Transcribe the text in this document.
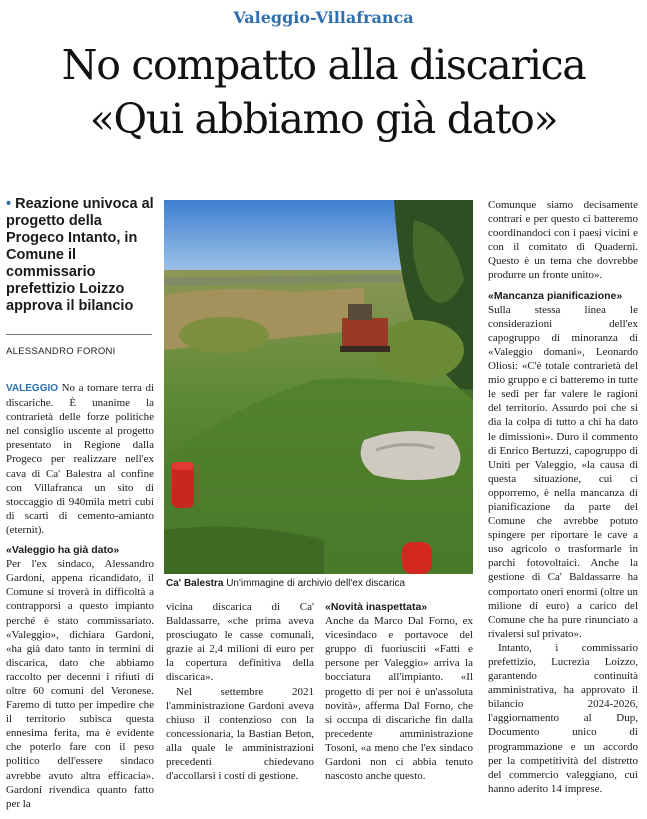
Valeggio-Villafranca
No compatto alla discarica
«Qui abbiamo già dato»
• Reazione univoca al progetto della Progeco Intanto, in Comune il commissario prefettizio Loizzo approva il bilancio
ALESSANDRO FORONI
Ca' Balestra Un'immagine di archivio dell'ex discarica

VALEGGIO No a tornare terra di discariche. È unanime la contrarietà delle forze politiche nel consiglio uscente al progetto presentato in Regione dalla Progeco per realizzare nell'ex cava di Ca' Balestra al confine con Villafranca un sito di stoccaggio di 940mila metri cubi di scarti di cemento-amianto (eternit).

«Valeggio ha già dato»

Per l'ex sindaco, Alessandro Gardoni, appena ricandidato, il Comune si troverà in difficoltà a contrapporsi a questo impianto perché è stato commissariato. «Valeggio», dichiara Gardoni, «ha già dato tanto in termini di discarica, dato che abbiamo raccolto per decenni i rifiuti di oltre 60 comuni del Veronese. Faremo di tutto per impedire che il territorio subisca questa ennesima ferita, ma è evidente che poterlo fare con il peso politico dell'essere sindaco avrebbe avuto altra efficacia». Gardoni rivendica quanto fatto per la

vicina discarica di Ca' Baldassarre, «che prima aveva prosciugato le casse comunali, grazie ai 2,4 milioni di euro per la copertura definitiva della discarica».

Nel settembre 2021 l'amministrazione Gardoni aveva chiuso il contenzioso con la concessionaria, la Bastian Beton, alla quale le amministrazioni precedenti chiedevano d'accollarsi i costi di gestione.

«Novità inaspettata»

Anche da Marco Dal Forno, ex vicesindaco e portavoce del gruppo di fuoriusciti «Fatti e persone per Valeggio» arriva la bocciatura all'impianto. «Il progetto di per noi è un'assoluta novità», afferma Dal Forno, che si occupa di discariche fin dalla precedente amministrazione Tosoni, «a meno che l'ex sindaco Gardoni non ci abbia tenuto nascosto anche questo.

Comunque siamo decisamente contrari e per questo ci batteremo coordinandoci con i paesi vicini e con il comitato di Quaderni. Questo è un tema che dovrebbe produrre un fronte unito».

«Mancanza pianificazione»

Sulla stessa linea le considerazioni dell'ex capogruppo di minoranza di «Valeggio domani», Leonardo Oliosi: «C'è totale contrarietà del mio gruppo e ci batteremo in tutte le sedi per far valere le ragioni del territorio. Assurdo poi che si dia la colpa di tutto a chi ha dato le dimissioni». Duro il commento di Enrico Bertuzzi, capogruppo di Uniti per Valeggio, «la causa di questa situazione, cui ci opporremo, è nella mancanza di pianificazione da parte del Comune che avrebbe potuto spingere per riportare le cave a uso agricolo o trasformarle in parchi fotovoltaici. Anche la gestione di Ca' Baldassarre ha comportato oneri enormi (oltre un milione di euro) a carico del Comune che ha pure rinunciato a rivalersi sul privato».

Intanto, i commissario prefettizio, Lucrezia Loizzo, garantendo continuità amministrativa, ha approvato il bilancio 2024-2026, l'aggiornamento al Dup, Documento unico di programmazione e un accordo per la competitività del distretto del commercio valeggiano, cui hanno aderito 14 imprese.
